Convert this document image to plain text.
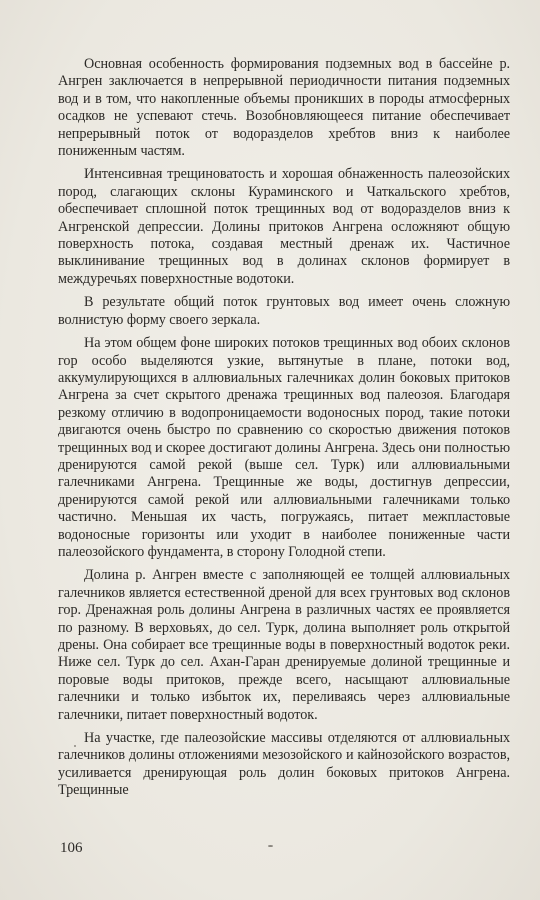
Основная особенность формирования подземных вод в бассейне р. Ангрен заключается в непрерывной периодичности питания подземных вод и в том, что накопленные объемы проникших в породы атмосферных осадков не успевают стечь. Возобновляющееся питание обеспечивает непрерывный поток от водоразделов хребтов вниз к наиболее пониженным частям.

Интенсивная трещиноватость и хорошая обнаженность палеозойских пород, слагающих склоны Кураминского и Чаткальского хребтов, обеспечивает сплошной поток трещинных вод от водоразделов вниз к Ангренской депрессии. Долины притоков Ангрена осложняют общую поверхность потока, создавая местный дренаж их. Частичное выклинивание трещинных вод в долинах склонов формирует в междуречьях поверхностные водотоки.

В результате общий поток грунтовых вод имеет очень сложную волнистую форму своего зеркала.

На этом общем фоне широких потоков трещинных вод обоих склонов гор особо выделяются узкие, вытянутые в плане, потоки вод, аккумулирующихся в аллювиальных галечниках долин боковых притоков Ангрена за счет скрытого дренажа трещинных вод палеозоя. Благодаря резкому отличию в водопроницаемости водоносных пород, такие потоки двигаются очень быстро по сравнению со скоростью движения потоков трещинных вод и скорее достигают долины Ангрена. Здесь они полностью дренируются самой рекой (выше сел. Турк) или аллювиальными галечниками Ангрена. Трещинные же воды, достигнув депрессии, дренируются самой рекой или аллювиальными галечниками только частично. Меньшая их часть, погружаясь, питает межпластовые водоносные горизонты или уходит в наиболее пониженные части палеозойского фундамента, в сторону Голодной степи.

Долина р. Ангрен вместе с заполняющей ее толщей аллювиальных галечников является естественной дреной для всех грунтовых вод склонов гор. Дренажная роль долины Ангрена в различных частях ее проявляется по разному. В верховьях, до сел. Турк, долина выполняет роль открытой дрены. Она собирает все трещинные воды в поверхностный водоток реки. Ниже сел. Турк до сел. Ахан-Гаран дренируемые долиной трещинные и поровые воды притоков, прежде всего, насыщают аллювиальные галечники и только избыток их, переливаясь через аллювиальные галечники, питает поверхностный водоток.

На участке, где палеозойские массивы отделяются от аллювиальных галечников долины отложениями мезозойского и кайнозойского возрастов, усиливается дренирующая роль долин боковых притоков Ангрена. Трещинные

106
